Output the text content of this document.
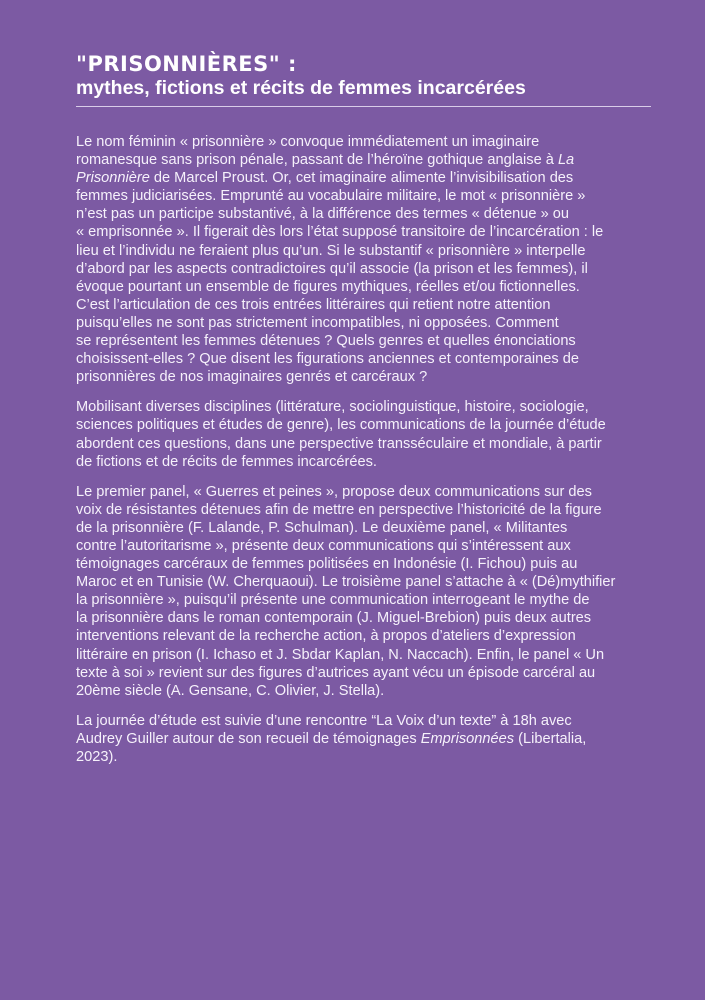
"PRISONNIÈRES" :
mythes, fictions et récits de femmes incarcérées

Le nom féminin « prisonnière » convoque immédiatement un imaginaire
romanesque sans prison pénale, passant de l’héroïne gothique anglaise à La
Prisonnière de Marcel Proust. Or, cet imaginaire alimente l’invisibilisation des
femmes judiciarisées. Emprunté au vocabulaire militaire, le mot « prisonnière »
n’est pas un participe substantivé, à la différence des termes « détenue » ou
« emprisonnée ». Il figerait dès lors l’état supposé transitoire de l’incarcération : le
lieu et l’individu ne feraient plus qu’un. Si le substantif « prisonnière » interpelle
d’abord par les aspects contradictoires qu’il associe (la prison et les femmes), il
évoque pourtant un ensemble de figures mythiques, réelles et/ou fictionnelles.
C’est l’articulation de ces trois entrées littéraires qui retient notre attention
puisqu’elles ne sont pas strictement incompatibles, ni opposées. Comment
se représentent les femmes détenues ? Quels genres et quelles énonciations
choisissent-elles ? Que disent les figurations anciennes et contemporaines de
prisonnières de nos imaginaires genrés et carcéraux ?

Mobilisant diverses disciplines (littérature, sociolinguistique, histoire, sociologie,
sciences politiques et études de genre), les communications de la journée d’étude
abordent ces questions, dans une perspective transséculaire et mondiale, à partir
de fictions et de récits de femmes incarcérées.

Le premier panel, « Guerres et peines », propose deux communications sur des
voix de résistantes détenues afin de mettre en perspective l’historicité de la figure
de la prisonnière (F. Lalande, P. Schulman). Le deuxième panel, « Militantes
contre l’autoritarisme », présente deux communications qui s’intéressent aux
témoignages carcéraux de femmes politisées en Indonésie (I. Fichou) puis au
Maroc et en Tunisie (W. Cherquaoui). Le troisième panel s’attache à « (Dé)mythifier
la prisonnière », puisqu’il présente une communication interrogeant le mythe de
la prisonnière dans le roman contemporain (J. Miguel-Brebion) puis deux autres
interventions relevant de la recherche action, à propos d’ateliers d’expression
littéraire en prison (I. Ichaso et J. Sbdar Kaplan, N. Naccach). Enfin, le panel « Un
texte à soi » revient sur des figures d’autrices ayant vécu un épisode carcéral au
20ème siècle (A. Gensane, C. Olivier, J. Stella).

La journée d’étude est suivie d’une rencontre “La Voix d’un texte” à 18h avec
Audrey Guiller autour de son recueil de témoignages Emprisonnées (Libertalia,
2023).
